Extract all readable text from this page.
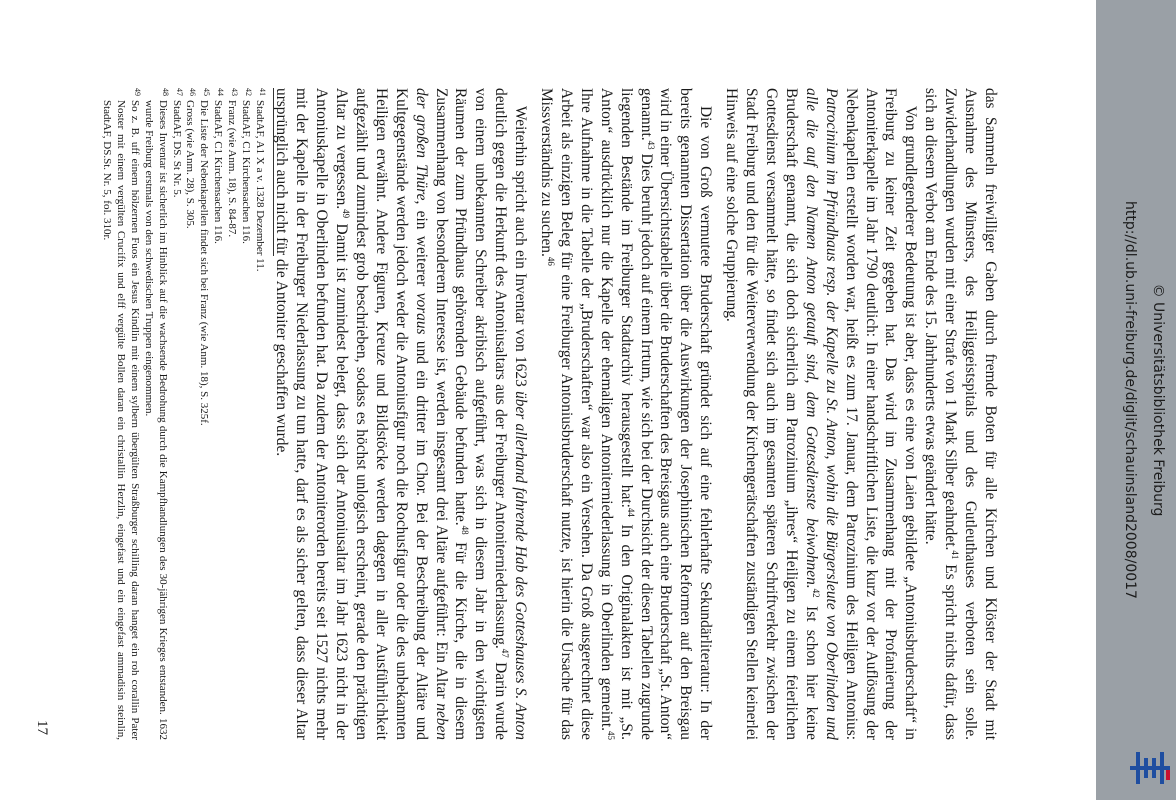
das Sammeln freiwilliger Gaben durch fremde Boten für alle Kirchen und Klöster der Stadt mit Ausnahme des Münsters, des Heiliggeistspitals und des Gutleuthauses verboten sein solle. Zuwiderhandlungen wurden mit einer Strafe von 1 Mark Silber geahndet.$^{41}$ Es spricht nichts dafür, dass sich an diesem Verbot am Ende des 15. Jahrhunderts etwas geändert hätte.

Von grundlegenderer Bedeutung ist aber, dass es eine von Laien gebildete „Antoniusbruderschaft“ in Freiburg zu keiner Zeit gegeben hat. Das wird im Zusammenhang mit der Profanierung der Antoniterkapelle im Jahr 1790 deutlich: In einer handschriftlichen Liste, die kurz vor der Auflösung der Nebenkapellen erstellt worden war, heißt es zum 17. Januar, dem Patrozinium des Heiligen Antonius: Patrocinium im Pfründhaus resp. der Kapelle zu St. Anton, wohin die Bürgersleute von Oberlinden und alle die auf den Namen Anton getauft sind, dem Gottesdienste beiwohnen.$^{42}$ Ist schon hier keine Bruderschaft genannt, die sich doch sicherlich am Patrozinium „ihres“ Heiligen zu einem feierlichen Gottesdienst versammelt hätte, so findet sich auch im gesamten späteren Schriftverkehr zwischen der Stadt Freiburg und den für die Weiterverwendung der Kirchengerätschaften zuständigen Stellen keinerlei Hinweis auf eine solche Gruppierung.

Die von Groß vermutete Bruderschaft gründet sich auf eine fehlerhafte Sekundärliteratur: In der bereits genannten Dissertation über die Auswirkungen der Josephinischen Reformen auf den Breisgau wird in einer Übersichtstabelle über die Bruderschaften des Breisgaus auch eine Bruderschaft „St. Anton“ genannt.$^{43}$ Dies beruht jedoch auf einem Irrtum, wie sich bei der Durchsicht der diesen Tabellen zugrunde liegenden Bestände im Freiburger Stadtarchiv herausgestellt hat:$^{44}$ In den Originalakten ist mit „St. Anton“ ausdrücklich nur die Kapelle der ehemaligen Antoniterniederlassung in Oberlinden gemeint.$^{45}$ Ihre Aufnahme in die Tabelle der „Bruderschaften“ war also ein Versehen. Da Groß ausgerechnet diese Arbeit als einzigen Beleg für eine Freiburger Antoniusbruderschaft nutzte, ist hierin die Ursache für das Missverständnis zu suchen.$^{46}$

Weiterhin spricht auch ein Inventar von 1623 über allerhand fahrende Hab des Gotteshauses S. Anton deutlich gegen die Herkunft des Antoniusaltars aus der Freiburger Antoniterniederlassung.$^{47}$ Darin wurde von einem unbekannten Schreiber akribisch aufgeführt, was sich in diesem Jahr in den wichtigsten Räumen der zum Pfründhaus gehörenden Gebäude befunden hatte.$^{48}$ Für die Kirche, die in diesem Zusammenhang von besonderem Interesse ist, werden insgesamt drei Altäre aufgeführt: Ein Altar neben der großen Thüre, ein weiterer voraus und ein dritter im Chor. Bei der Beschreibung der Altäre und Kultgegenstände werden jedoch weder die Antoniusfigur noch die Rochusfigur oder die des unbekannten Heiligen erwähnt. Andere Figuren, Kreuze und Bildstöcke werden dagegen in aller Ausführlichkeit aufgezählt und zumindest grob beschrieben, sodass es höchst unlogisch erscheint, gerade den prächtigen Altar zu vergessen.$^{49}$ Damit ist zumindest belegt, dass sich der Antoniusaltar im Jahr 1623 nicht in der Antoniuskapelle in Oberlinden befunden hat. Da zudem der Antoniterorden bereits seit 1527 nichts mehr mit der Kapelle in der Freiburger Niederlassung zu tun hatte, darf es als sicher gelten, dass dieser Altar ursprünglich auch nicht für die Antoniter geschaffen wurde.

41
StadtAF, A1 X a v. 1328 Dezember 11.
42
StadtAF, C1 Kirchensachen 116.
43
Franz (wie Anm. 18), S. 84-87.
44
StadtAF, C1 Kirchensachen 116.
45
Die Liste der Nebenkapellen findet sich bei Franz (wie Anm. 18), S. 325f.
46
Gross (wie Anm. 28), S. 305.
47
StadtAF, DS. St Nr. 5.
48
Dieses Inventar ist sicherlich im Hinblick auf die wachsende Bedrohung durch die Kampfhandlungen des 30-jährigen Krieges entstanden. 1632 wurde Freiburg erstmals von den schwedischen Truppen eingenommen.
49
So z. B. uff einem hölzernen Fuos ein Jesus Kindlin mit einem sylbern übergülten Straßburger schilling daran hanget ein roh corallin Pater Noster mit einem vergülten Crucifix und elff vergülte Bollen daran ein christallin Herzlin, eingefast und ein eingefast ammadisin steinlin, StadtAF, DS.St. Nr. 5, fol. 310r.
17
http://dl.ub.uni-freiburg.de/diglit/schauinsland2008/0017 © Universitätsbibliothek Freiburg
